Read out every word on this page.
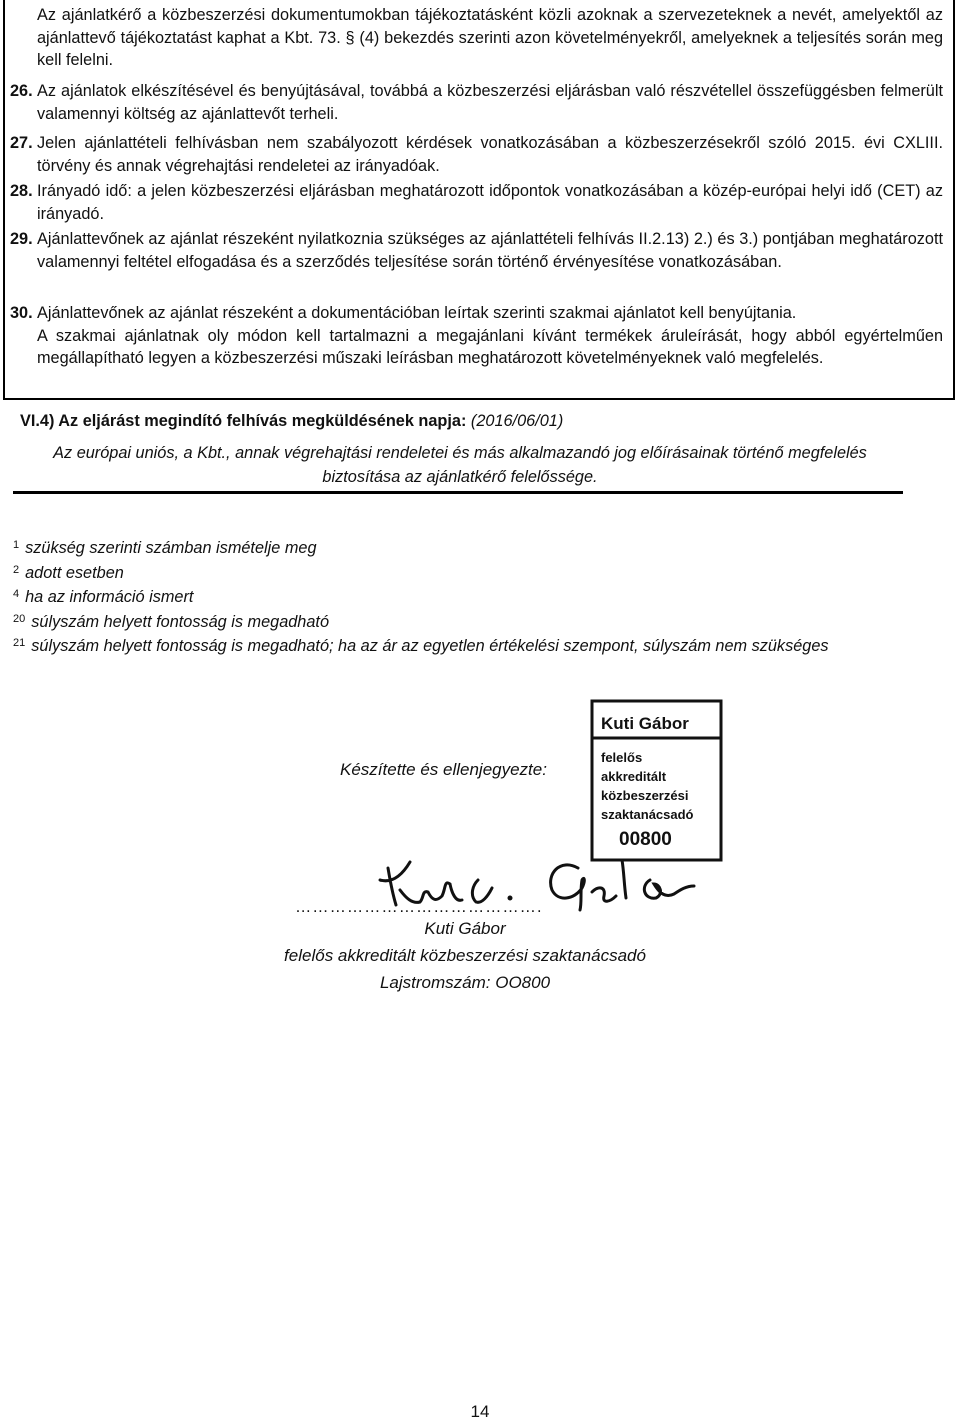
Az ajánlatkérő a közbeszerzési dokumentumokban tájékoztatásként közli azoknak a szervezeteknek a nevét, amelyektől az ajánlattevő tájékoztatást kaphat a Kbt. 73. § (4) bekezdés szerinti azon követelményekről, amelyeknek a teljesítés során meg kell felelni.
26. Az ajánlatok elkészítésével és benyújtásával, továbbá a közbeszerzési eljárásban való részvétellel összefüggésben felmerült valamennyi költség az ajánlattevőt terheli.
27. Jelen ajánlattételi felhívásban nem szabályozott kérdések vonatkozásában a közbeszerzésekről szóló 2015. évi CXLIII. törvény és annak végrehajtási rendeletei az irányadóak.
28. Irányadó idő: a jelen közbeszerzési eljárásban meghatározott időpontok vonatkozásában a közép-európai helyi idő (CET) az irányadó.
29. Ajánlattevőnek az ajánlat részeként nyilatkoznia szükséges az ajánlattételi felhívás II.2.13) 2.) és 3.) pontjában meghatározott valamennyi feltétel elfogadása és a szerződés teljesítése során történő érvényesítése vonatkozásában.
30. Ajánlattevőnek az ajánlat részeként a dokumentációban leírtak szerinti szakmai ajánlatot kell benyújtania.
A szakmai ajánlatnak oly módon kell tartalmazni a megajánlani kívánt termékek áruleírását, hogy abból egyértelműen megállapítható legyen a közbeszerzési műszaki leírásban meghatározott követelményeknek való megfelelés.
VI.4) Az eljárást megindító felhívás megküldésének napja: (2016/06/01)
Az európai uniós, a Kbt., annak végrehajtási rendeletei és más alkalmazandó jog előírásainak történő megfelelés
biztosítása az ajánlatkérő felelőssége.
$^1$ szükség szerinti számban ismételje meg
$^2$ adott esetben
$^4$ ha az információ ismert
$^{20}$ súlyszám helyett fontosság is megadható
$^{21}$ súlyszám helyett fontosság is megadható; ha az ár az egyetlen értékelési szempont, súlyszám nem szükséges
Kuti Gábor
felelős
akkreditált
közbeszerzési
szaktanácsadó
00800
Készítette és ellenjegyezte:
…………………………………….
Kuti Gábor
felelős akkreditált közbeszerzési szaktanácsadó
Lajstromszám: OO800
14
